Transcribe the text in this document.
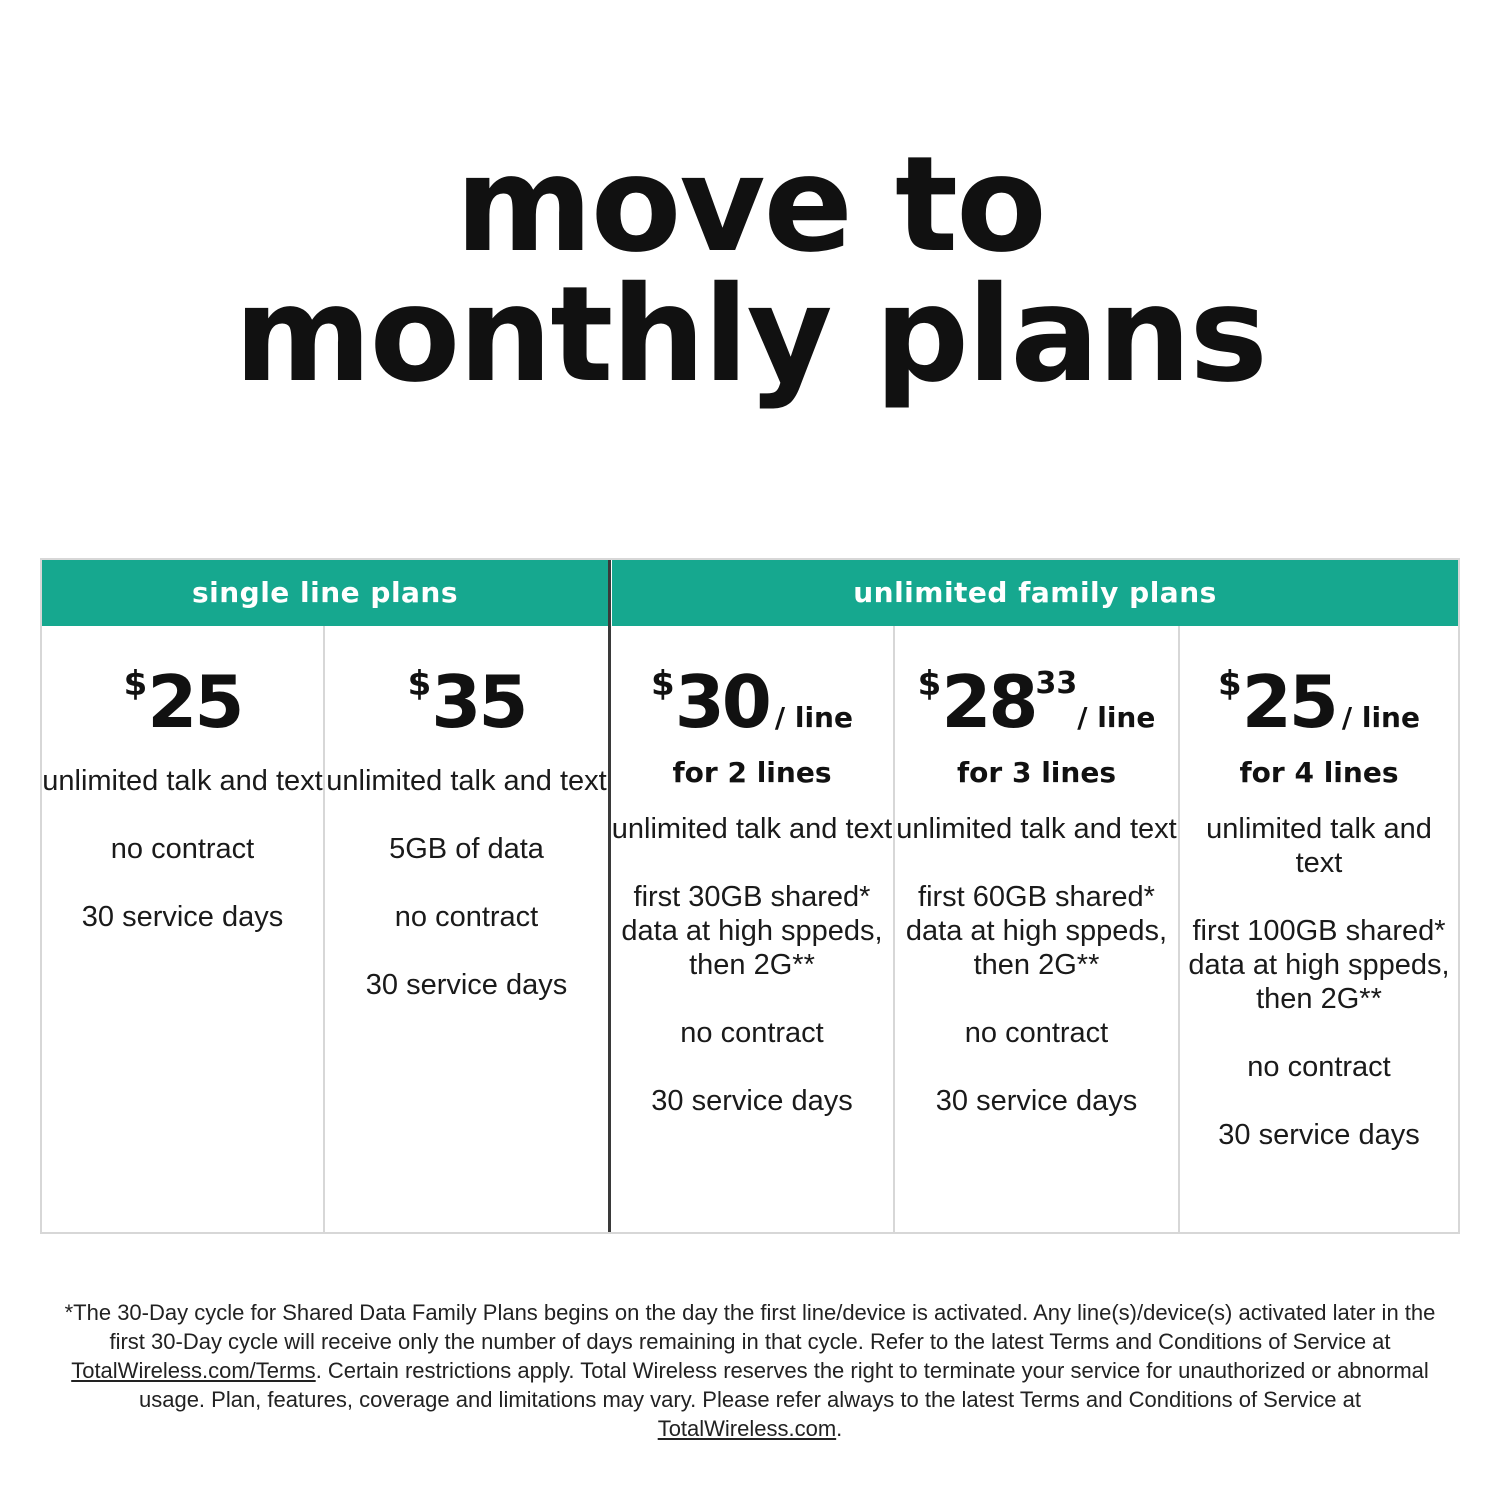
move to
monthly plans
single line plans	unlimited family plans
$25
unlimited talk and text
no contract
30 service days
$35
unlimited talk and text
5GB of data
no contract
30 service days
$30 / line
for 2 lines
unlimited talk and text
first 30GB shared* data at high sppeds, then 2G**
no contract
30 service days
$2833/ line
for 3 lines
unlimited talk and text
first 60GB shared* data at high sppeds, then 2G**
no contract
30 service days
$25 / line
for 4 lines
unlimited talk and text
first 100GB shared* data at high sppeds, then 2G**
no contract
30 service days
*The 30-Day cycle for Shared Data Family Plans begins on the day the first line/device is activated. Any line(s)/device(s) activated later in the first 30-Day cycle will receive only the number of days remaining in that cycle. Refer to the latest Terms and Conditions of Service at TotalWireless.com/Terms. Certain restrictions apply. Total Wireless reserves the right to terminate your service for unauthorized or abnormal usage. Plan, features, coverage and limitations may vary. Please refer always to the latest Terms and Conditions of Service at TotalWireless.com.
